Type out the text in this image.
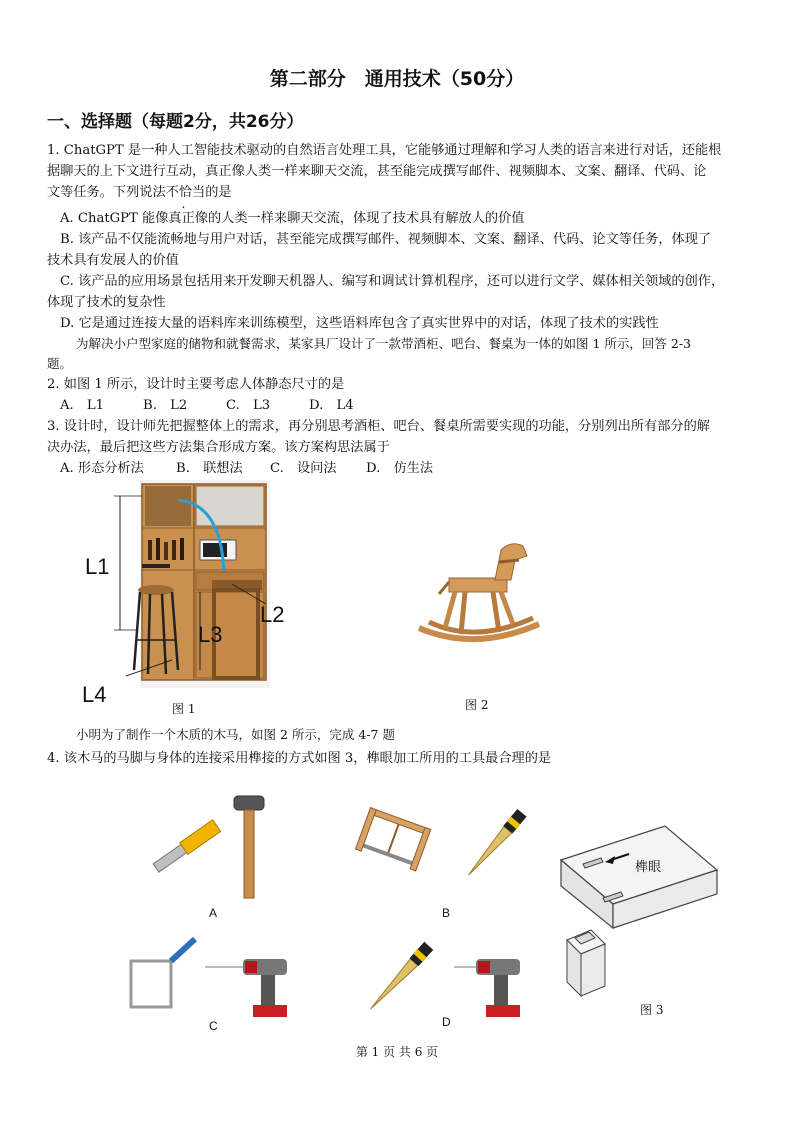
第二部分　通用技术（50分）
一、选择题（每题2分，共26分）
1. ChatGPT 是一种人工智能技术驱动的自然语言处理工具，它能够通过理解和学习人类的语言来进行对话，还能根
据聊天的上下文进行互动，真正像人类一样来聊天交流，甚至能完成撰写邮件、视频脚本、文案、翻译、代码、论
文等任务。下列说法不恰当的是
A. ChatGPT 能像真正像的人类一样来聊天交流，体现了技术具有解放人的价值
B. 该产品不仅能流畅地与用户对话，甚至能完成撰写邮件、视频脚本、文案、翻译、代码、论文等任务，体现了
技术具有发展人的价值
C. 该产品的应用场景包括用来开发聊天机器人、编写和调试计算机程序，还可以进行文学、媒体相关领域的创作，
体现了技术的复杂性
D. 它是通过连接大量的语料库来训练模型，这些语料库包含了真实世界中的对话，体现了技术的实践性
为解决小户型家庭的储物和就餐需求，某家具厂设计了一款带酒柜、吧台、餐桌为一体的如图 1 所示，回答 2-3
题。
2. 如图 1 所示，设计时主要考虑人体静态尺寸的是
A.　L1	B.　L2	C.　L3	D.　L4
3. 设计时，设计师先把握整体上的需求，再分别思考酒柜、吧台、餐桌所需要实现的功能，分别列出所有部分的解
决办法，最后把这些方法集合形成方案。该方案构思法属于
A. 形态分析法 B.　联想法 C.　设问法 D.　仿生法
L1
L2
L3
L4
图 1	图 2
小明为了制作一个木质的木马，如图 2 所示，完成 4-7 题
4. 该木马的马脚与身体的连接采用榫接的方式如图 3，榫眼加工所用的工具最合理的是
A	B
C	D
榫眼
图 3
第 1 页 共 6 页
